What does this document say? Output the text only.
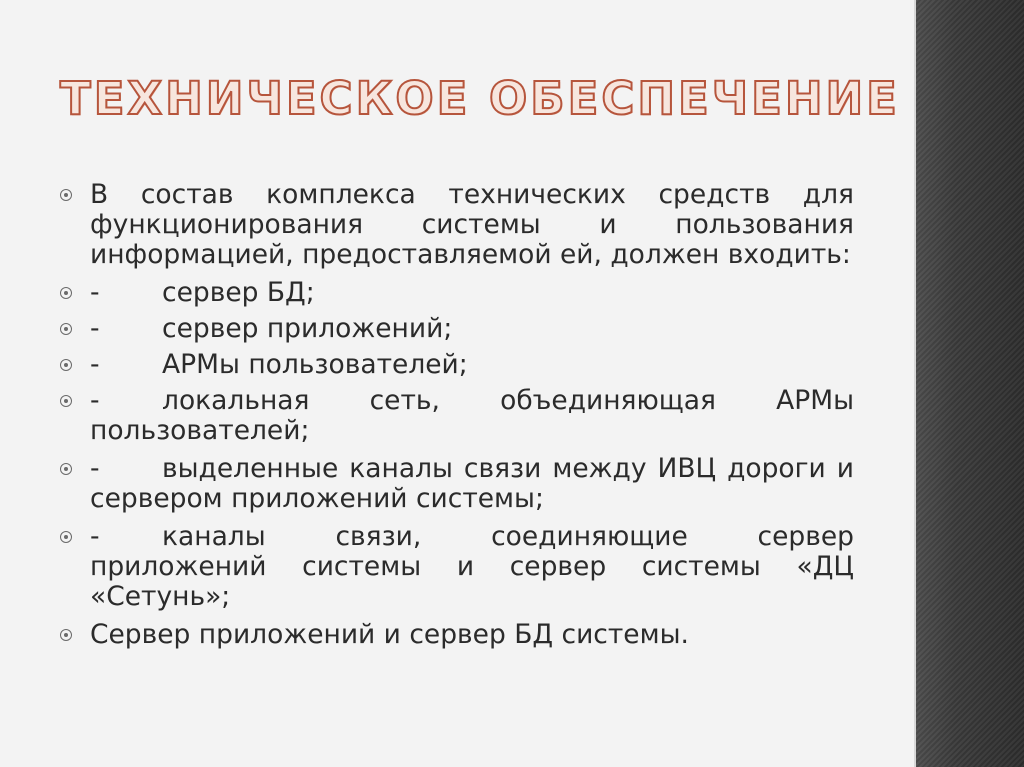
ТЕХНИЧЕСКОЕ ОБЕСПЕЧЕНИЕ
В состав комплекса технических средств для функционирования системы и пользования информацией, предоставляемой ей, должен входить:
- сервер БД;
- сервер приложений;
- АРМы пользователей;
- локальная сеть, объединяющая АРМы пользователей;
- выделенные каналы связи между ИВЦ дороги и сервером приложений системы;
- каналы связи, соединяющие сервер приложений системы и сервер системы «ДЦ «Сетунь»;
Сервер приложений и сервер БД системы.
